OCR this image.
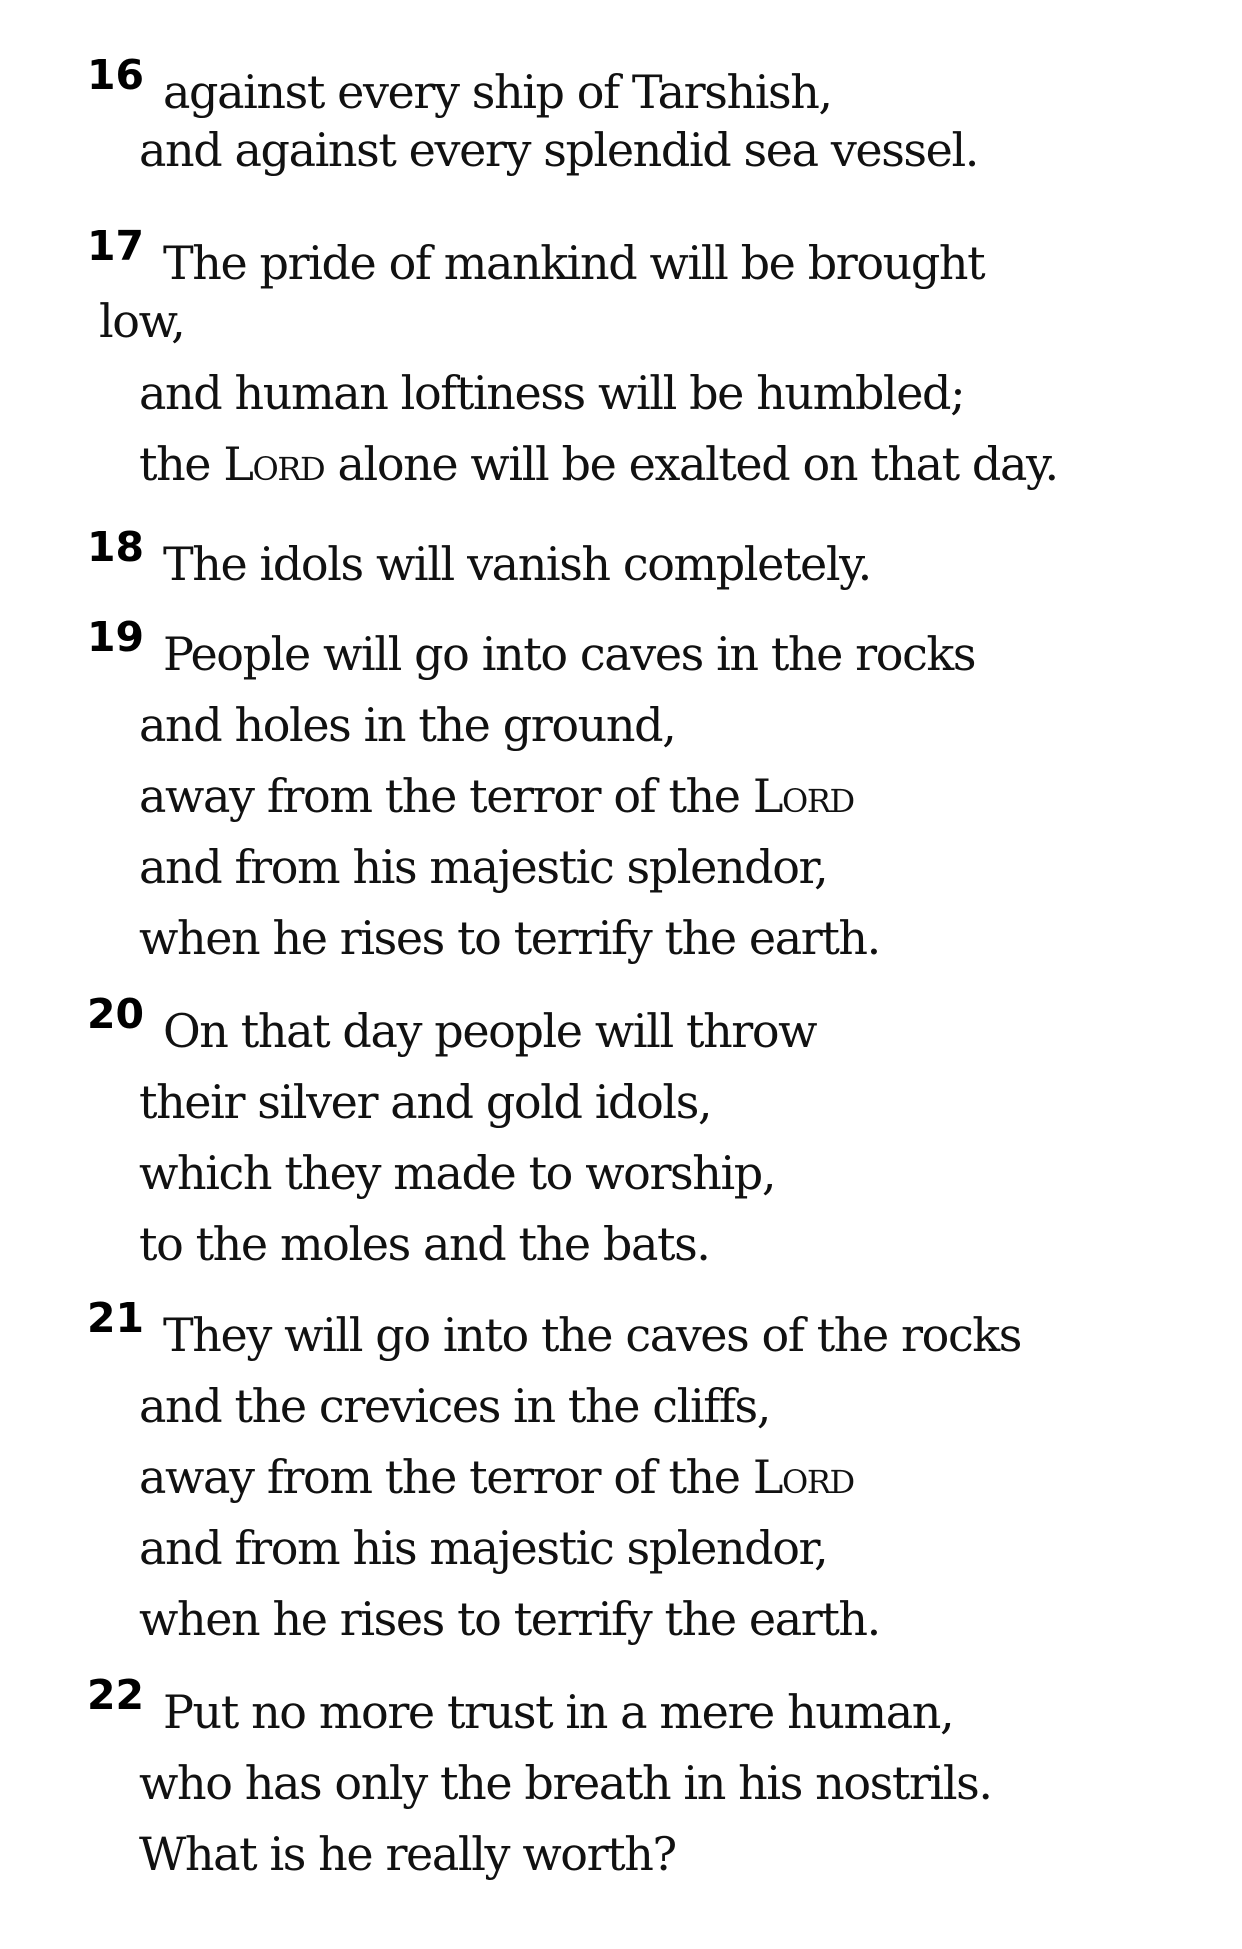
16 against every ship of Tarshish,
and against every splendid sea vessel.
17 The pride of mankind will be brought
low,
and human loftiness will be humbled;
the Lord alone will be exalted on that day.
18 The idols will vanish completely.
19 People will go into caves in the rocks
and holes in the ground,
away from the terror of the Lord
and from his majestic splendor,
when he rises to terrify the earth.
20 On that day people will throw
their silver and gold idols,
which they made to worship,
to the moles and the bats.
21 They will go into the caves of the rocks
and the crevices in the cliffs,
away from the terror of the Lord
and from his majestic splendor,
when he rises to terrify the earth.
22 Put no more trust in a mere human,
who has only the breath in his nostrils.
What is he really worth?
